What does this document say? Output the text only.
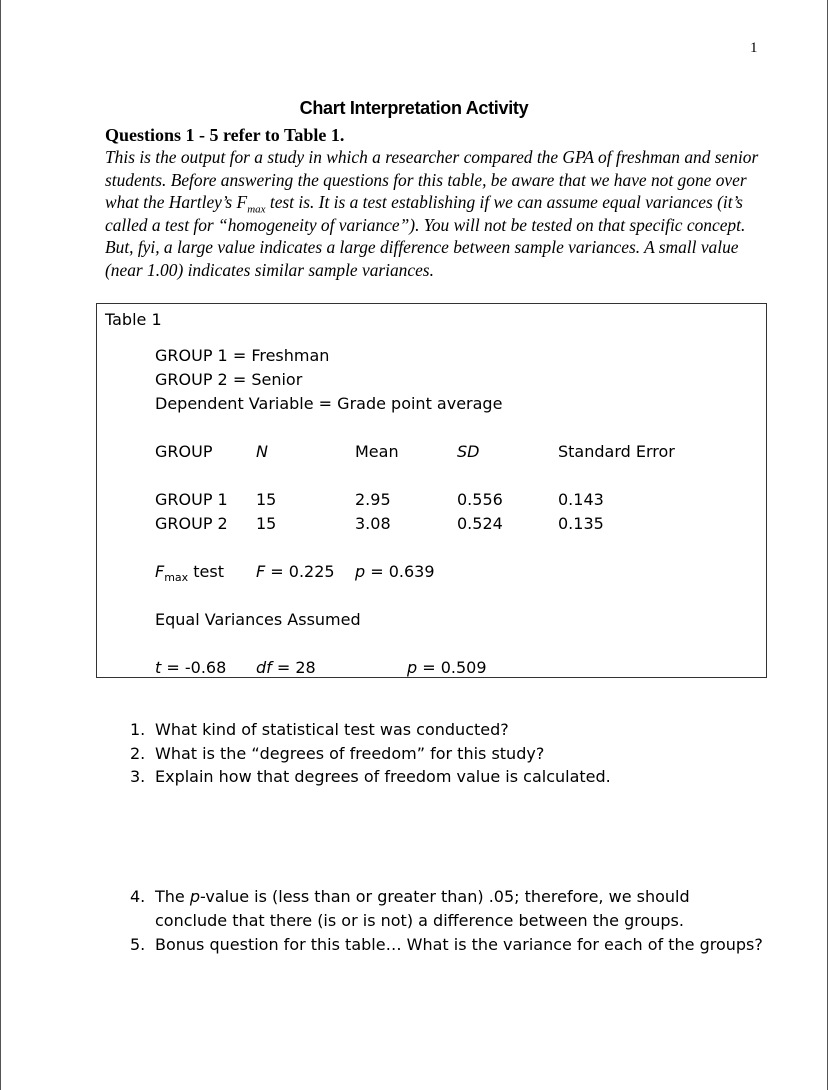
1
Chart Interpretation Activity
Questions 1 - 5 refer to Table 1.
This is the output for a study in which a researcher compared the GPA of freshman and senior students. Before answering the questions for this table, be aware that we have not gone over what the Hartley’s $F_{max}$ test is. It is a test establishing if we can assume equal variances (it’s called a test for “homogeneity of variance”). You will not be tested on that specific concept. But, fyi, a large value indicates a large difference between sample variances. A small value (near 1.00) indicates similar sample variances.
Table 1
GROUP 1 = Freshman
GROUP 2 = Senior
Dependent Variable = Grade point average
GROUP	N	Mean	SD	Standard Error
GROUP 1 15	2.95	0.556	0.143
GROUP 2 15	3.08	0.524	0.135
$F_{max}$ test F = 0.225 p = 0.639
Equal Variances Assumed
t = -0.68 df = 28	p = 0.509
1. What kind of statistical test was conducted?
2. What is the “degrees of freedom” for this study?
3. Explain how that degrees of freedom value is calculated.
4. The p-value is (less than or greater than) .05; therefore, we should
conclude that there (is or is not) a difference between the groups.
5. Bonus question for this table… What is the variance for each of the groups?
